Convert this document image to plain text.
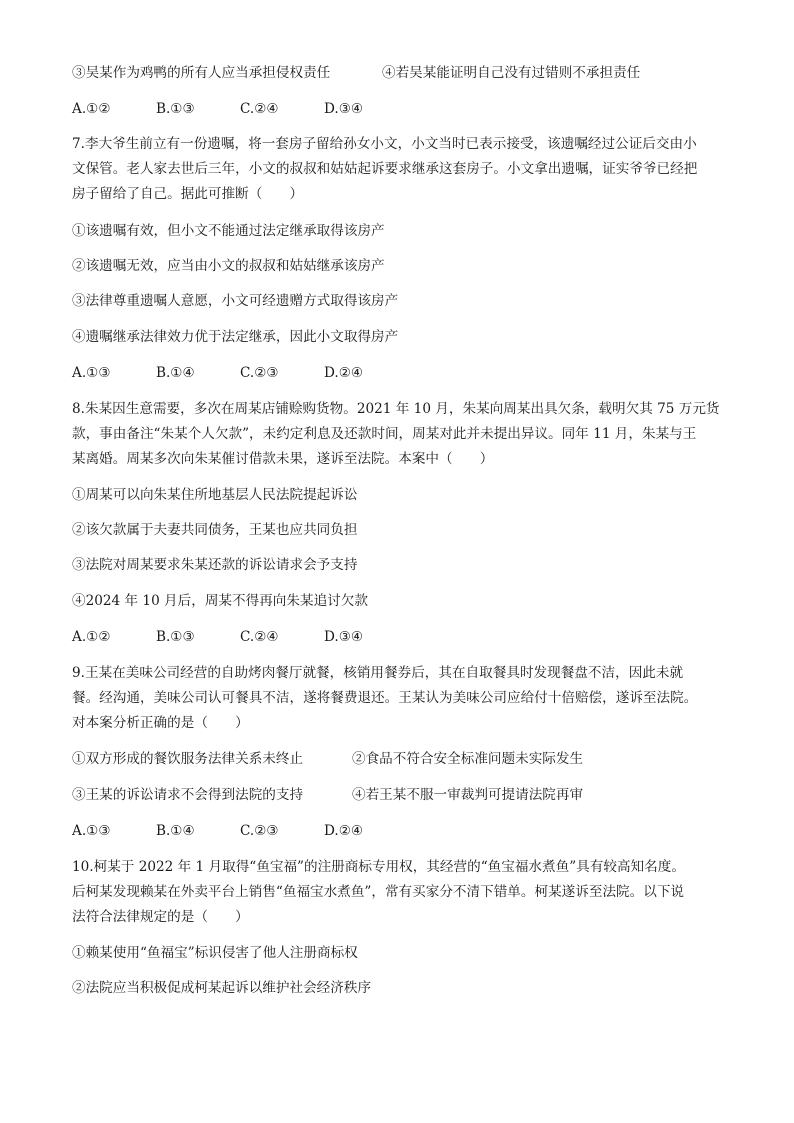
③吴某作为鸡鸭的所有人应当承担侵权责任	④若吴某能证明自己没有过错则不承担责任
A.①②	B.①③	C.②④	D.③④
7.李大爷生前立有一份遗嘱，将一套房子留给孙女小文，小文当时已表示接受，该遗嘱经过公证后交由小
文保管。老人家去世后三年，小文的叔叔和姑姑起诉要求继承这套房子。小文拿出遗嘱，证实爷爷已经把
房子留给了自己。据此可推断（　　）
①该遗嘱有效，但小文不能通过法定继承取得该房产
②该遗嘱无效，应当由小文的叔叔和姑姑继承该房产
③法律尊重遗嘱人意愿，小文可经遗赠方式取得该房产
④遗嘱继承法律效力优于法定继承，因此小文取得房产
A.①③	B.①④	C.②③	D.②④
8.朱某因生意需要，多次在周某店铺赊购货物。2021 年 10 月，朱某向周某出具欠条，载明欠其 75 万元货
款，事由备注“朱某个人欠款”，未约定利息及还款时间，周某对此并未提出异议。同年 11 月，朱某与王
某离婚。周某多次向朱某催讨借款未果，遂诉至法院。本案中（　　）
①周某可以向朱某住所地基层人民法院提起诉讼
②该欠款属于夫妻共同债务，王某也应共同负担
③法院对周某要求朱某还款的诉讼请求会予支持
④2024 年 10 月后，周某不得再向朱某追讨欠款
A.①②	B.①③	C.②④	D.③④
9.王某在美味公司经营的自助烤肉餐厅就餐，核销用餐券后，其在自取餐具时发现餐盘不洁，因此未就
餐。经沟通，美味公司认可餐具不洁，遂将餐费退还。王某认为美味公司应给付十倍赔偿，遂诉至法院。
对本案分析正确的是（　　）
①双方形成的餐饮服务法律关系未终止	②食品不符合安全标准问题未实际发生
③王某的诉讼请求不会得到法院的支持	④若王某不服一审裁判可提请法院再审
A.①③	B.①④	C.②③	D.②④
10.柯某于 2022 年 1 月取得“鱼宝福”的注册商标专用权，其经营的“鱼宝福水煮鱼”具有较高知名度。
后柯某发现赖某在外卖平台上销售“鱼福宝水煮鱼”，常有买家分不清下错单。柯某遂诉至法院。以下说
法符合法律规定的是（　　）
①赖某使用“鱼福宝”标识侵害了他人注册商标权
②法院应当积极促成柯某起诉以维护社会经济秩序
